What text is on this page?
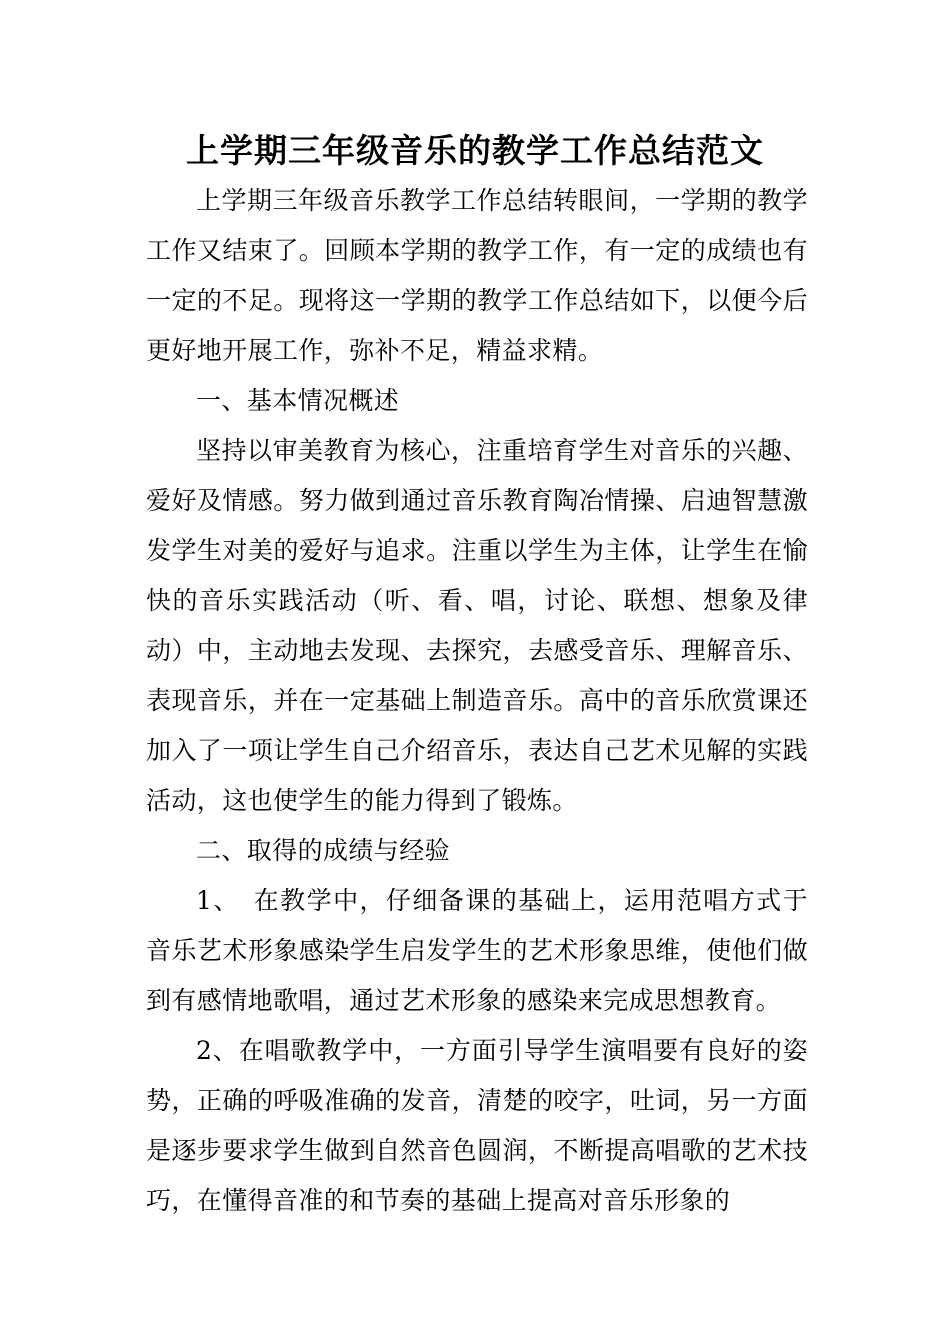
上学期三年级音乐的教学工作总结范文

上学期三年级音乐教学工作总结转眼间，一学期的教学工作又结束了。回顾本学期的教学工作，有一定的成绩也有一定的不足。现将这一学期的教学工作总结如下，以便今后更好地开展工作，弥补不足，精益求精。

一、基本情况概述

坚持以审美教育为核心，注重培育学生对音乐的兴趣、爱好及情感。努力做到通过音乐教育陶冶情操、启迪智慧激发学生对美的爱好与追求。注重以学生为主体，让学生在愉快的音乐实践活动（听、看、唱，讨论、联想、想象及律动）中，主动地去发现、去探究，去感受音乐、理解音乐、表现音乐，并在一定基础上制造音乐。高中的音乐欣赏课还加入了一项让学生自己介绍音乐，表达自己艺术见解的实践活动，这也使学生的能力得到了锻炼。

二、取得的成绩与经验

1、　在教学中，仔细备课的基础上，运用范唱方式于音乐艺术形象感染学生启发学生的艺术形象思维，使他们做到有感情地歌唱，通过艺术形象的感染来完成思想教育。

2、在唱歌教学中，一方面引导学生演唱要有良好的姿势，正确的呼吸准确的发音，清楚的咬字，吐词，另一方面是逐步要求学生做到自然音色圆润，不断提高唱歌的艺术技巧，在懂得音准的和节奏的基础上提高对音乐形象的
